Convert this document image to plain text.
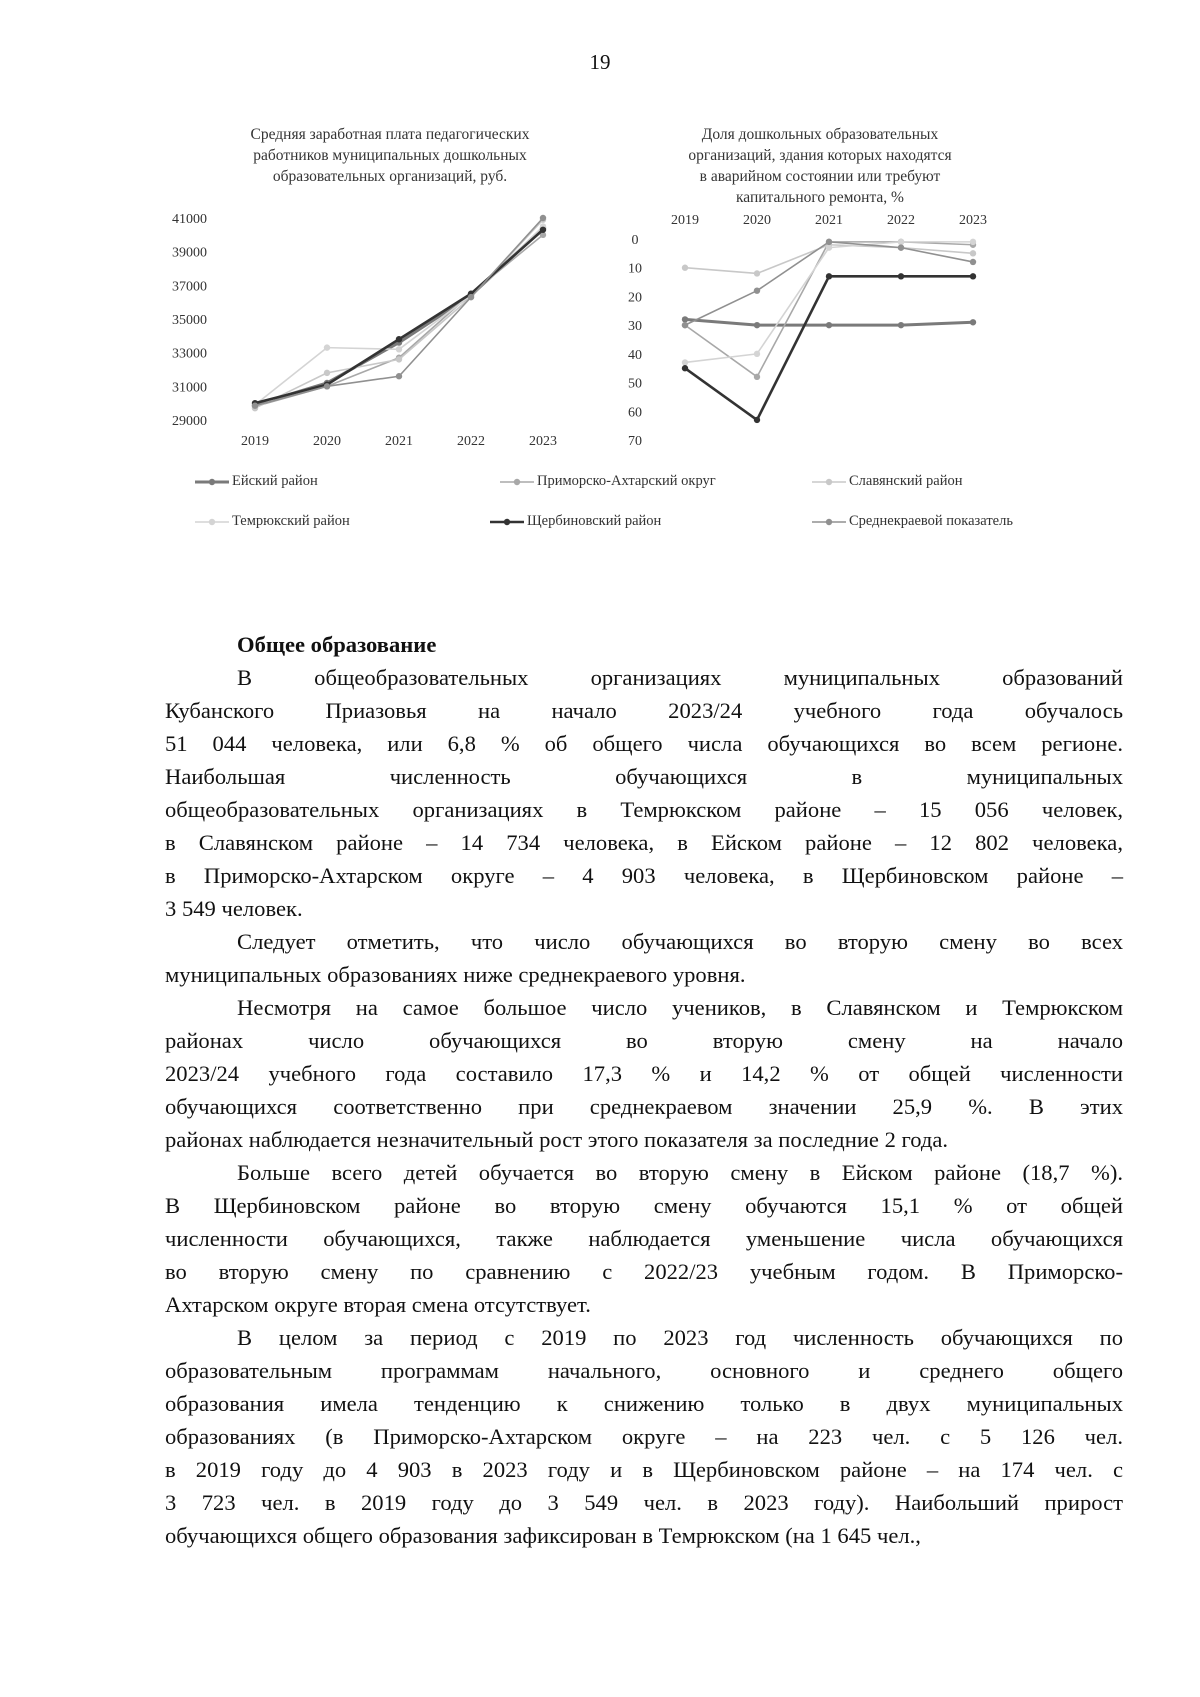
19
Средняя заработная плата педагогических
работников муниципальных дошкольных
образовательных организаций, руб.
Доля дошкольных образовательных
организаций, здания которых находятся
в аварийном состоянии или требуют
капитального ремонта, %
41000
39000
37000
35000
33000
31000
29000
2019	2020	2021	2022	2023
0
10
20
30
40
50
60
70
2019	2020	2021	2022	2023
Ейский район	Приморско-Ахтарский округ	Славянский район
Темрюкский район	Щербиновский район	Среднекраевой показатель

Общее образование

В общеобразовательных организациях муниципальных образований

Кубанского Приазовья на начало 2023/24 учебного года обучалось

51 044 человека, или 6,8 % об общего числа обучающихся во всем регионе.

Наибольшая численность обучающихся в муниципальных

общеобразовательных организациях в Темрюкском районе – 15 056 человек,

в Славянском районе – 14 734 человека, в Ейском районе – 12 802 человека,

в Приморско-Ахтарском округе – 4 903 человека, в Щербиновском районе –

3 549 человек.

Следует отметить, что число обучающихся во вторую смену во всех

муниципальных образованиях ниже среднекраевого уровня.

Несмотря на самое большое число учеников, в Славянском и Темрюкском

районах число обучающихся во вторую смену на начало

2023/24 учебного года составило 17,3 % и 14,2 % от общей численности

обучающихся соответственно при среднекраевом значении 25,9 %. В этих

районах наблюдается незначительный рост этого показателя за последние 2 года.

Больше всего детей обучается во вторую смену в Ейском районе (18,7 %).

В Щербиновском районе во вторую смену обучаются 15,1 % от общей

численности обучающихся, также наблюдается уменьшение числа обучающихся

во вторую смену по сравнению с 2022/23 учебным годом. В Приморско-

Ахтарском округе вторая смена отсутствует.

В целом за период с 2019 по 2023 год численность обучающихся по

образовательным программам начального, основного и среднего общего

образования имела тенденцию к снижению только в двух муниципальных

образованиях (в Приморско-Ахтарском округе – на 223 чел. с 5 126 чел.

в 2019 году до 4 903 в 2023 году и в Щербиновском районе – на 174 чел. с

3 723 чел. в 2019 году до 3 549 чел. в 2023 году). Наибольший прирост

обучающихся общего образования зафиксирован в Темрюкском (на 1 645 чел.,
